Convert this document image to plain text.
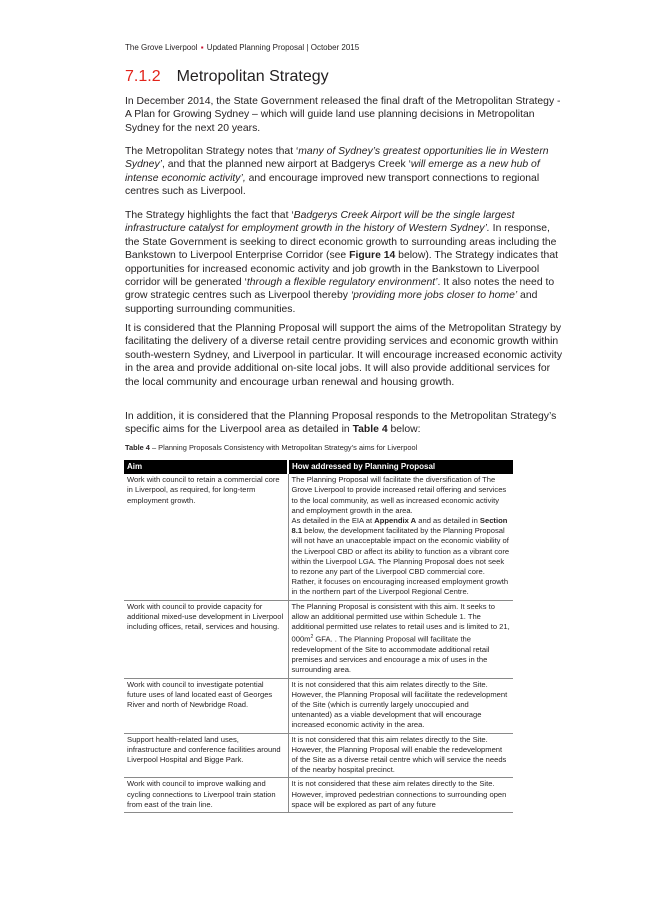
The Grove Liverpool ▪ Updated Planning Proposal | October 2015
7.1.2 Metropolitan Strategy

In December 2014, the State Government released the final draft of the Metropolitan Strategy - A Plan for Growing Sydney – which will guide land use planning decisions in Metropolitan Sydney for the next 20 years.

The Metropolitan Strategy notes that ‘many of Sydney’s greatest opportunities lie in Western Sydney’, and that the planned new airport at Badgerys Creek ‘will emerge as a new hub of intense economic activity’, and encourage improved new transport connections to regional centres such as Liverpool.

The Strategy highlights the fact that ‘Badgerys Creek Airport will be the single largest infrastructure catalyst for employment growth in the history of Western Sydney’. In response, the State Government is seeking to direct economic growth to surrounding areas including the Bankstown to Liverpool Enterprise Corridor (see Figure 14 below). The Strategy indicates that opportunities for increased economic activity and job growth in the Bankstown to Liverpool corridor will be generated ‘through a flexible regulatory environment’. It also notes the need to grow strategic centres such as Liverpool thereby ‘providing more jobs closer to home’ and supporting surrounding communities.

It is considered that the Planning Proposal will support the aims of the Metropolitan Strategy by facilitating the delivery of a diverse retail centre providing services and economic growth within south-western Sydney, and Liverpool in particular. It will encourage increased economic activity in the area and provide additional on-site local jobs. It will also provide additional services for the local community and encourage urban renewal and housing growth.

In addition, it is considered that the Planning Proposal responds to the Metropolitan Strategy’s specific aims for the Liverpool area as detailed in Table 4 below:

Table 4 – Planning Proposals Consistency with Metropolitan Strategy’s aims for Liverpool
Aim	How addressed by Planning Proposal
Work with council to retain a commercial core in Liverpool, as required, for long-term employment growth.	The Planning Proposal will facilitate the diversification of The Grove Liverpool to provide increased retail offering and services to the local community, as well as increased economic activity and employment growth in the area.
As detailed in the EIA at Appendix A and as detailed in Section 8.1 below, the development facilitated by the Planning Proposal will not have an unacceptable impact on the economic viability of the Liverpool CBD or affect its ability to function as a vibrant core within the Liverpool LGA. The Planning Proposal does not seek to rezone any part of the Liverpool CBD commercial core. Rather, it focuses on encouraging increased employment growth in the northern part of the Liverpool Regional Centre.
Work with council to provide capacity for additional mixed-use development in Liverpool including offices, retail, services and housing.	The Planning Proposal is consistent with this aim. It seeks to allow an additional permitted use within Schedule 1. The additional permitted use relates to retail uses and is limited to 21, $000m^2$ GFA. . The Planning Proposal will facilitate the redevelopment of the Site to accommodate additional retail premises and services and encourage a mix of uses in the surrounding area.
Work with council to investigate potential future uses of land located east of Georges River and north of Newbridge Road.	It is not considered that this aim relates directly to the Site. However, the Planning Proposal will facilitate the redevelopment of the Site (which is currently largely unoccupied and untenanted) as a viable development that will encourage increased economic activity in the area.
Support health-related land uses, infrastructure and conference facilities around Liverpool Hospital and Bigge Park.	It is not considered that this aim relates directly to the Site. However, the Planning Proposal will enable the redevelopment of the Site as a diverse retail centre which will service the needs of the nearby hospital precinct.
Work with council to improve walking and cycling connections to Liverpool train station from east of the train line.	It is not considered that these aim relates directly to the Site. However, improved pedestrian connections to surrounding open space will be explored as part of any future
